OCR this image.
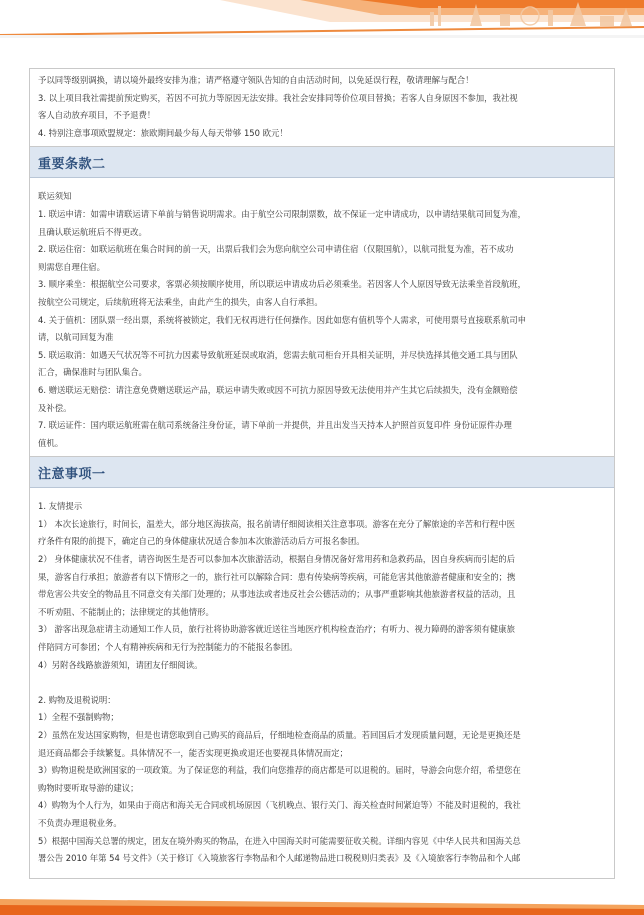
予以同等级别调换，请以境外最终安排为准；请严格遵守领队告知的自由活动时间，以免延误行程，敬请理解与配合！
3. 以上项目我社需提前预定购买，若因不可抗力等原因无法安排。我社会安排同等价位项目替换；若客人自身原因不参加，我社视
客人自动放弃项目，不予退费！
4. 特别注意事项欧盟规定：旅欧期间最少每人每天带够 150 欧元！
重要条款二
联运须知
1. 联运申请：如需申请联运请下单前与销售说明需求。由于航空公司限制票数，故不保证一定申请成功，以申请结果航司回复为准，
且确认联运航班后不得更改。
2. 联运住宿：如联运航班在集合时间的前一天，出票后我们会为您向航空公司申请住宿（仅限国航），以航司批复为准，若不成功
则需您自理住宿。
3. 顺序乘坐：根据航空公司要求，客票必须按顺序使用，所以联运申请成功后必须乘坐。若因客人个人原因导致无法乘坐首段航班，
按航空公司规定，后续航班将无法乘坐，由此产生的损失，由客人自行承担。
4. 关于值机：团队票一经出票，系统将被锁定，我们无权再进行任何操作。因此如您有值机等个人需求，可使用票号直接联系航司申
请，以航司回复为准
5. 联运取消：如遇天气状况等不可抗力因素导致航班延误或取消，您需去航司柜台开具相关证明，并尽快选择其他交通工具与团队
汇合，确保准时与团队集合。
6. 赠送联运无赔偿：请注意免费赠送联运产品，联运申请失败或因不可抗力原因导致无法使用并产生其它后续损失，没有金额赔偿
及补偿。
7. 联运证件：国内联运航班需在航司系统备注身份证，请下单前一并提供，并且出发当天持本人护照首页复印件 身份证原件办理
值机。
注意事项一
1. 友情提示
1） 本次长途旅行，时间长，温差大，部分地区海拔高，报名前请仔细阅读相关注意事项。游客在充分了解旅途的辛苦和行程中医
疗条件有限的前提下，确定自己的身体健康状况适合参加本次旅游活动后方可报名参团。
2） 身体健康状况不佳者，请咨询医生是否可以参加本次旅游活动，根据自身情况备好常用药和急救药品，因自身疾病而引起的后
果，游客自行承担；旅游者有以下情形之一的，旅行社可以解除合同：患有传染病等疾病，可能危害其他旅游者健康和安全的；携
带危害公共安全的物品且不同意交有关部门处理的；从事违法或者违反社会公德活动的；从事严重影响其他旅游者权益的活动，且
不听劝阻、不能制止的；法律规定的其他情形。
3） 游客出现急症请主动通知工作人员，旅行社将协助游客就近送往当地医疗机构检查治疗；有听力、视力障碍的游客须有健康旅
伴陪同方可参团；个人有精神疾病和无行为控制能力的不能报名参团。
4）另附各线路旅游须知，请团友仔细阅读。
2. 购物及退税说明：
1）全程不强制购物；
2）虽然在发达国家购物，但是也请您取到自己购买的商品后，仔细地检查商品的质量。若回国后才发现质量问题，无论是更换还是
退还商品都会手续繁复。具体情况不一，能否实现更换或退还也要视具体情况而定；
3）购物退税是欧洲国家的一项政策。为了保证您的利益，我们向您推荐的商店都是可以退税的。届时，导游会向您介绍，希望您在
购物时要听取导游的建议；
4）购物为个人行为，如果由于商店和海关无合同或机场原因（飞机晚点、银行关门、海关检查时间紧迫等）不能及时退税的，我社
不负责办理退税业务。
5）根据中国海关总署的规定，团友在境外购买的物品，在进入中国海关时可能需要征收关税。详细内容见《中华人民共和国海关总
署公告 2010 年第 54 号文件》（关于修订《入境旅客行李物品和个人邮递物品进口税税则归类表》及《入境旅客行李物品和个人邮
